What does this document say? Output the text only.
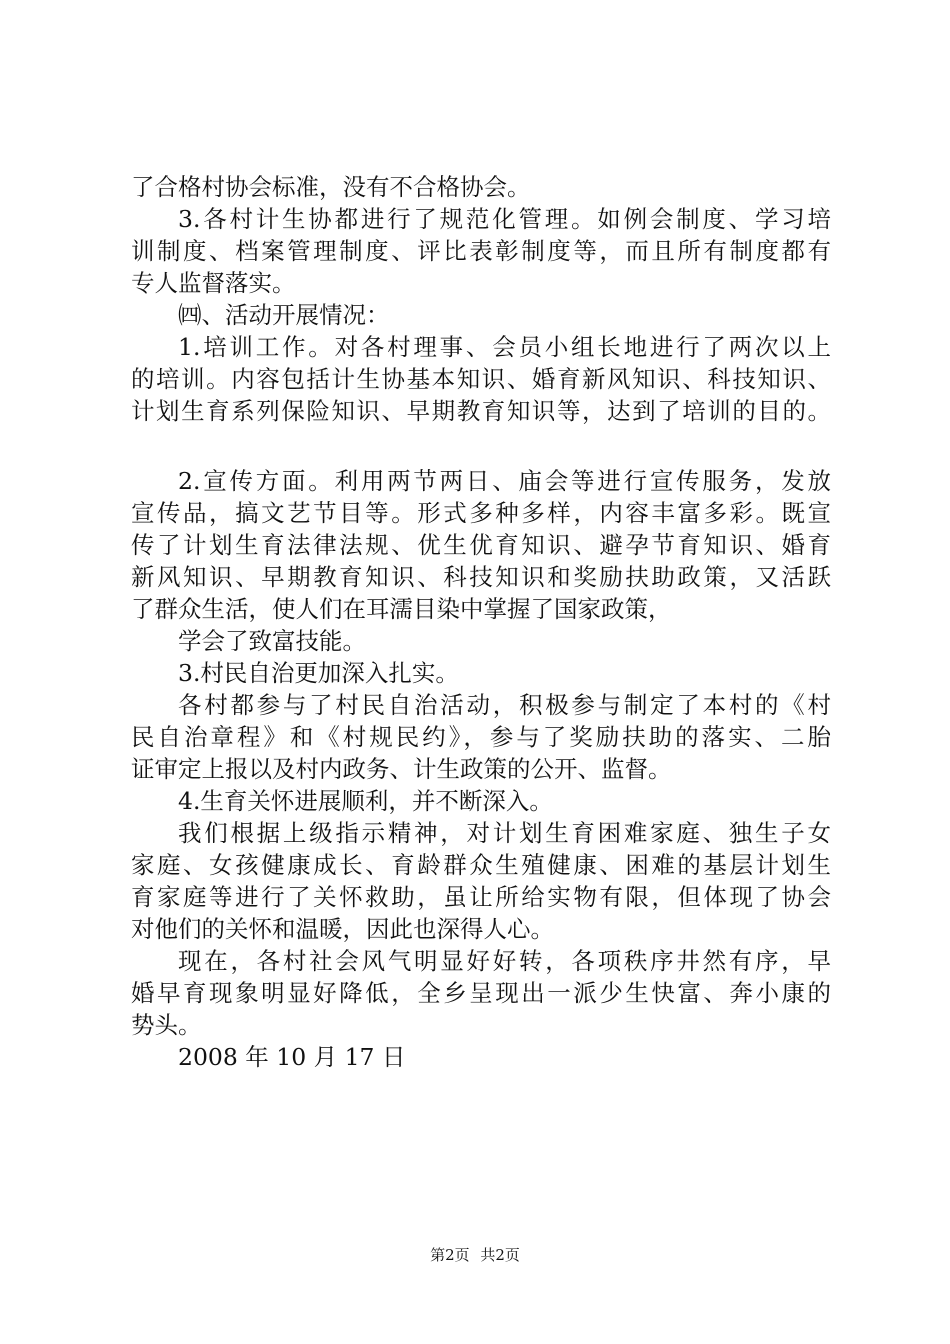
了合格村协会标准，没有不合格协会。
3.各村计生协都进行了规范化管理。如例会制度、学习培
训制度、档案管理制度、评比表彰制度等，而且所有制度都有
专人监督落实。
㈣、活动开展情况：
1.培训工作。对各村理事、会员小组长地进行了两次以上
的培训。内容包括计生协基本知识、婚育新风知识、科技知识、
计划生育系列保险知识、早期教育知识等，达到了培训的目的。
2.宣传方面。利用两节两日、庙会等进行宣传服务，发放
宣传品，搞文艺节目等。形式多种多样，内容丰富多彩。既宣
传了计划生育法律法规、优生优育知识、避孕节育知识、婚育
新风知识、早期教育知识、科技知识和奖励扶助政策，又活跃
了群众生活，使人们在耳濡目染中掌握了国家政策，
学会了致富技能。
3.村民自治更加深入扎实。
各村都参与了村民自治活动，积极参与制定了本村的《村
民自治章程》和《村规民约》，参与了奖励扶助的落实、二胎
证审定上报以及村内政务、计生政策的公开、监督。
4.生育关怀进展顺利，并不断深入。
我们根据上级指示精神，对计划生育困难家庭、独生子女
家庭、女孩健康成长、育龄群众生殖健康、困难的基层计划生
育家庭等进行了关怀救助，虽让所给实物有限，但体现了协会
对他们的关怀和温暖，因此也深得人心。
现在，各村社会风气明显好好转，各项秩序井然有序，早
婚早育现象明显好降低，全乡呈现出一派少生快富、奔小康的
势头。
2008 年 10 月 17 日
第2页 共2页
